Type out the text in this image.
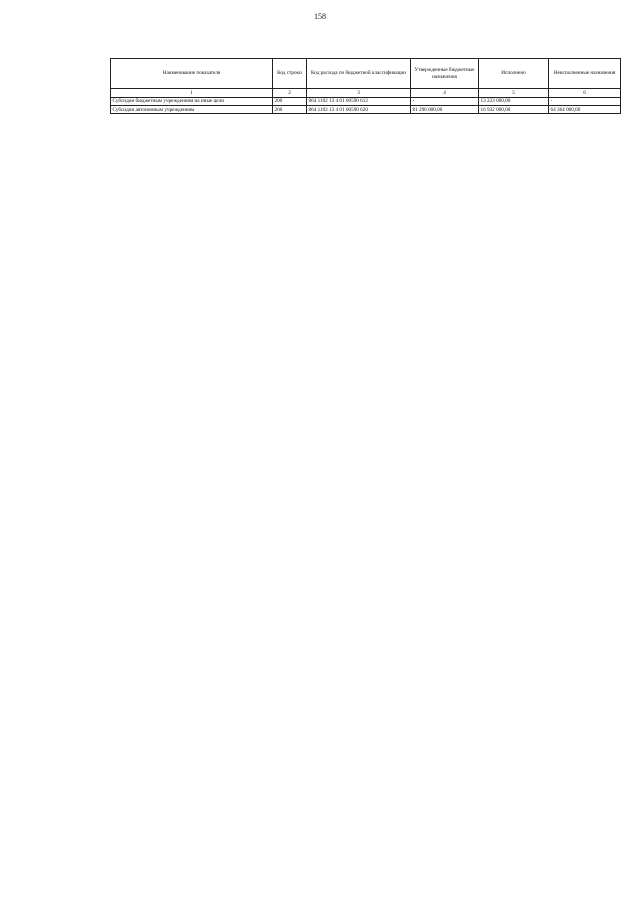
158
Наименование показателя	Код строки	Код расхода по бюджетной классификации	Утвержденные бюджетные назначения	Исполнено	Неисполненные назначения
1	2	3	4	5	6
Субсидии бюджетным учреждениям на иные цели	200	864 1102 13 4 01 00590 612	-	13 223 000,00	-
Субсидии автономным учреждениям	200	864 1102 13 4 01 00590 620	81 296 000,00	16 932 000,00	64 364 000,00
